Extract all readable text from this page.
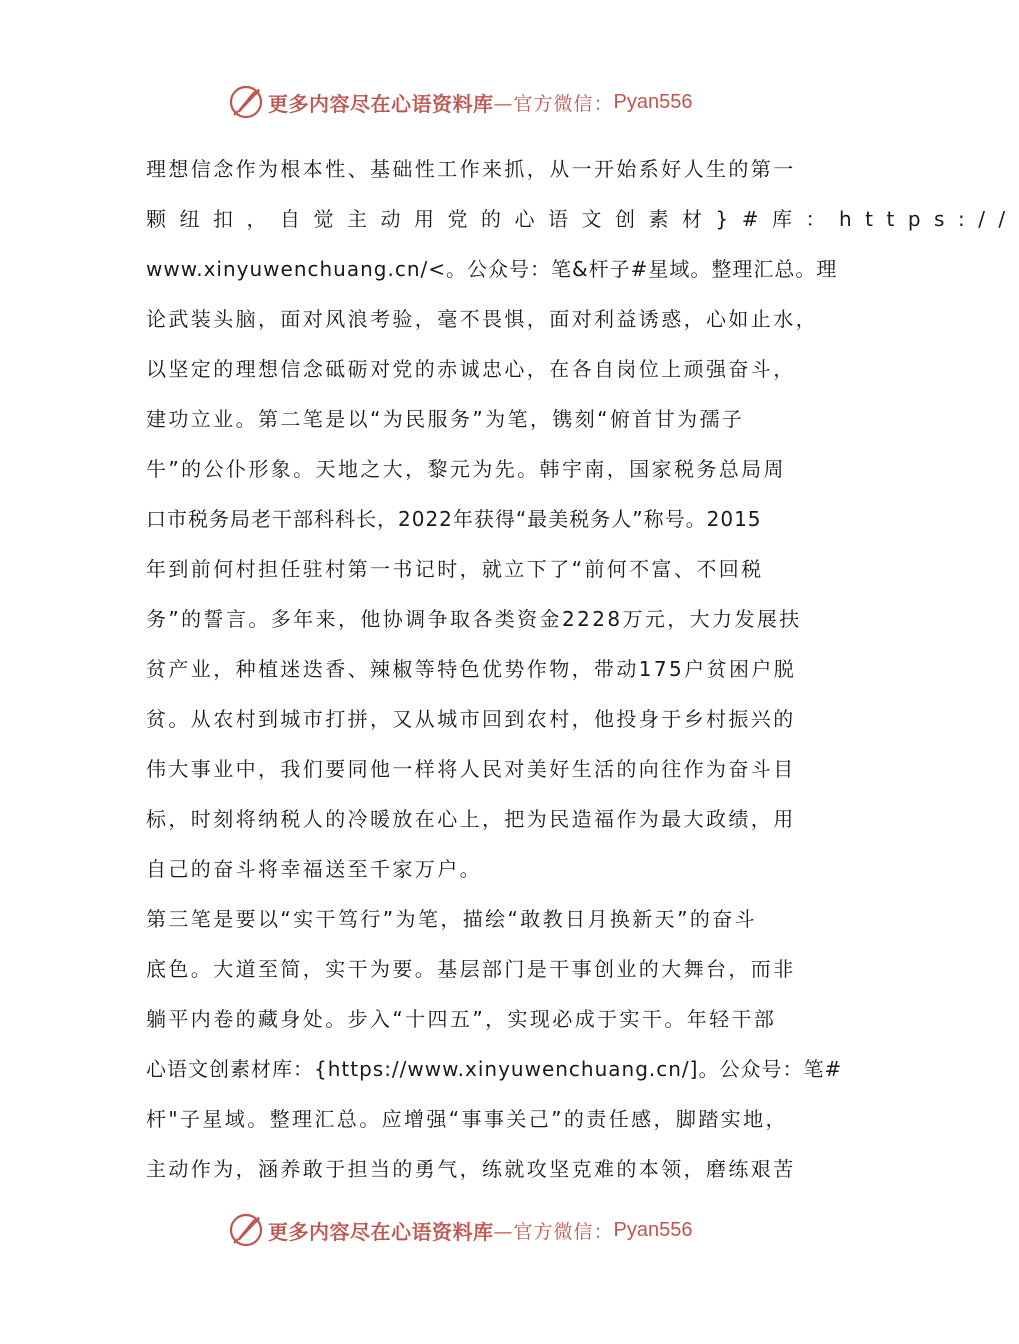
更多内容尽在心语资料库 —官方微信： Pyan556
理想信念作为根本性、基础性工作来抓，从一开始系好人生的第一
颗纽扣，自觉主动用党的心语文创素材}#库：https://
www.xinyuwenchuang.cn/<。公众号：笔&杆子#星域。整理汇总。理
论武装头脑，面对风浪考验，毫不畏惧，面对利益诱惑，心如止水，
以坚定的理想信念砥砺对党的赤诚忠心，在各自岗位上顽强奋斗，
建功立业。第二笔是以“为民服务”为笔，镌刻“俯首甘为孺子
牛”的公仆形象。天地之大，黎元为先。韩宇南，国家税务总局周
口市税务局老干部科科长，2022年获得“最美税务人”称号。2015
年到前何村担任驻村第一书记时，就立下了“前何不富、不回税
务”的誓言。多年来，他协调争取各类资金2228万元，大力发展扶
贫产业，种植迷迭香、辣椒等特色优势作物，带动175户贫困户脱
贫。从农村到城市打拼，又从城市回到农村，他投身于乡村振兴的
伟大事业中，我们要同他一样将人民对美好生活的向往作为奋斗目
标，时刻将纳税人的冷暖放在心上，把为民造福作为最大政绩，用
自己的奋斗将幸福送至千家万户。
第三笔是要以“实干笃行”为笔，描绘“敢教日月换新天”的奋斗
底色。大道至简，实干为要。基层部门是干事创业的大舞台，而非
躺平内卷的藏身处。步入“十四五”，实现必成于实干。年轻干部
心语文创素材库：{https://www.xinyuwenchuang.cn/]。公众号：笔#
杆"子星域。整理汇总。应增强“事事关己”的责任感，脚踏实地，
主动作为，涵养敢于担当的勇气，练就攻坚克难的本领，磨练艰苦
更多内容尽在心语资料库 —官方微信： Pyan556
